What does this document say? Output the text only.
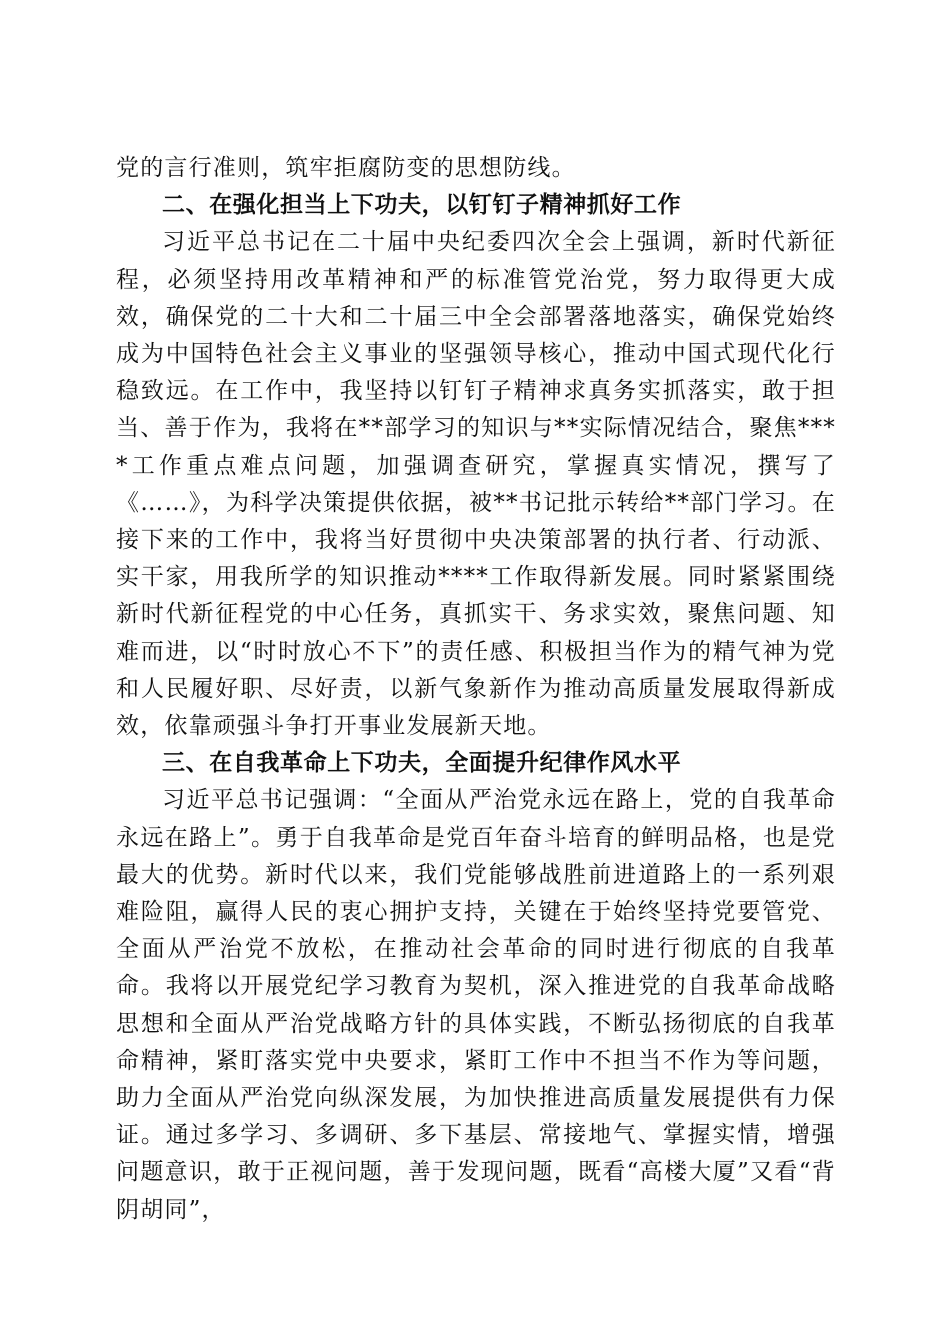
党的言行准则，筑牢拒腐防变的思想防线。

二、在强化担当上下功夫，以钉钉子精神抓好工作

习近平总书记在二十届中央纪委四次全会上强调，新时代新征程，必须坚持用改革精神和严的标准管党治党，努力取得更大成效，确保党的二十大和二十届三中全会部署落地落实，确保党始终成为中国特色社会主义事业的坚强领导核心，推动中国式现代化行稳致远。在工作中，我坚持以钉钉子精神求真务实抓落实，敢于担当、善于作为，我将在**部学习的知识与**实际情况结合，聚焦****工作重点难点问题，加强调查研究，掌握真实情况，撰写了《……》，为科学决策提供依据，被**书记批示转给**部门学习。在接下来的工作中，我将当好贯彻中央决策部署的执行者、行动派、实干家，用我所学的知识推动****工作取得新发展。同时紧紧围绕新时代新征程党的中心任务，真抓实干、务求实效，聚焦问题、知难而进，以“时时放心不下”的责任感、积极担当作为的精气神为党和人民履好职、尽好责，以新气象新作为推动高质量发展取得新成效，依靠顽强斗争打开事业发展新天地。

三、在自我革命上下功夫，全面提升纪律作风水平

习近平总书记强调：“全面从严治党永远在路上，党的自我革命永远在路上”。勇于自我革命是党百年奋斗培育的鲜明品格，也是党最大的优势。新时代以来，我们党能够战胜前进道路上的一系列艰难险阻，赢得人民的衷心拥护支持，关键在于始终坚持党要管党、全面从严治党不放松，在推动社会革命的同时进行彻底的自我革命。我将以开展党纪学习教育为契机，深入推进党的自我革命战略思想和全面从严治党战略方针的具体实践，不断弘扬彻底的自我革命精神，紧盯落实党中央要求，紧盯工作中不担当不作为等问题，助力全面从严治党向纵深发展，为加快推进高质量发展提供有力保证。通过多学习、多调研、多下基层、常接地气、掌握实情，增强问题意识，敢于正视问题，善于发现问题，既看“高楼大厦”又看“背阴胡同”，
